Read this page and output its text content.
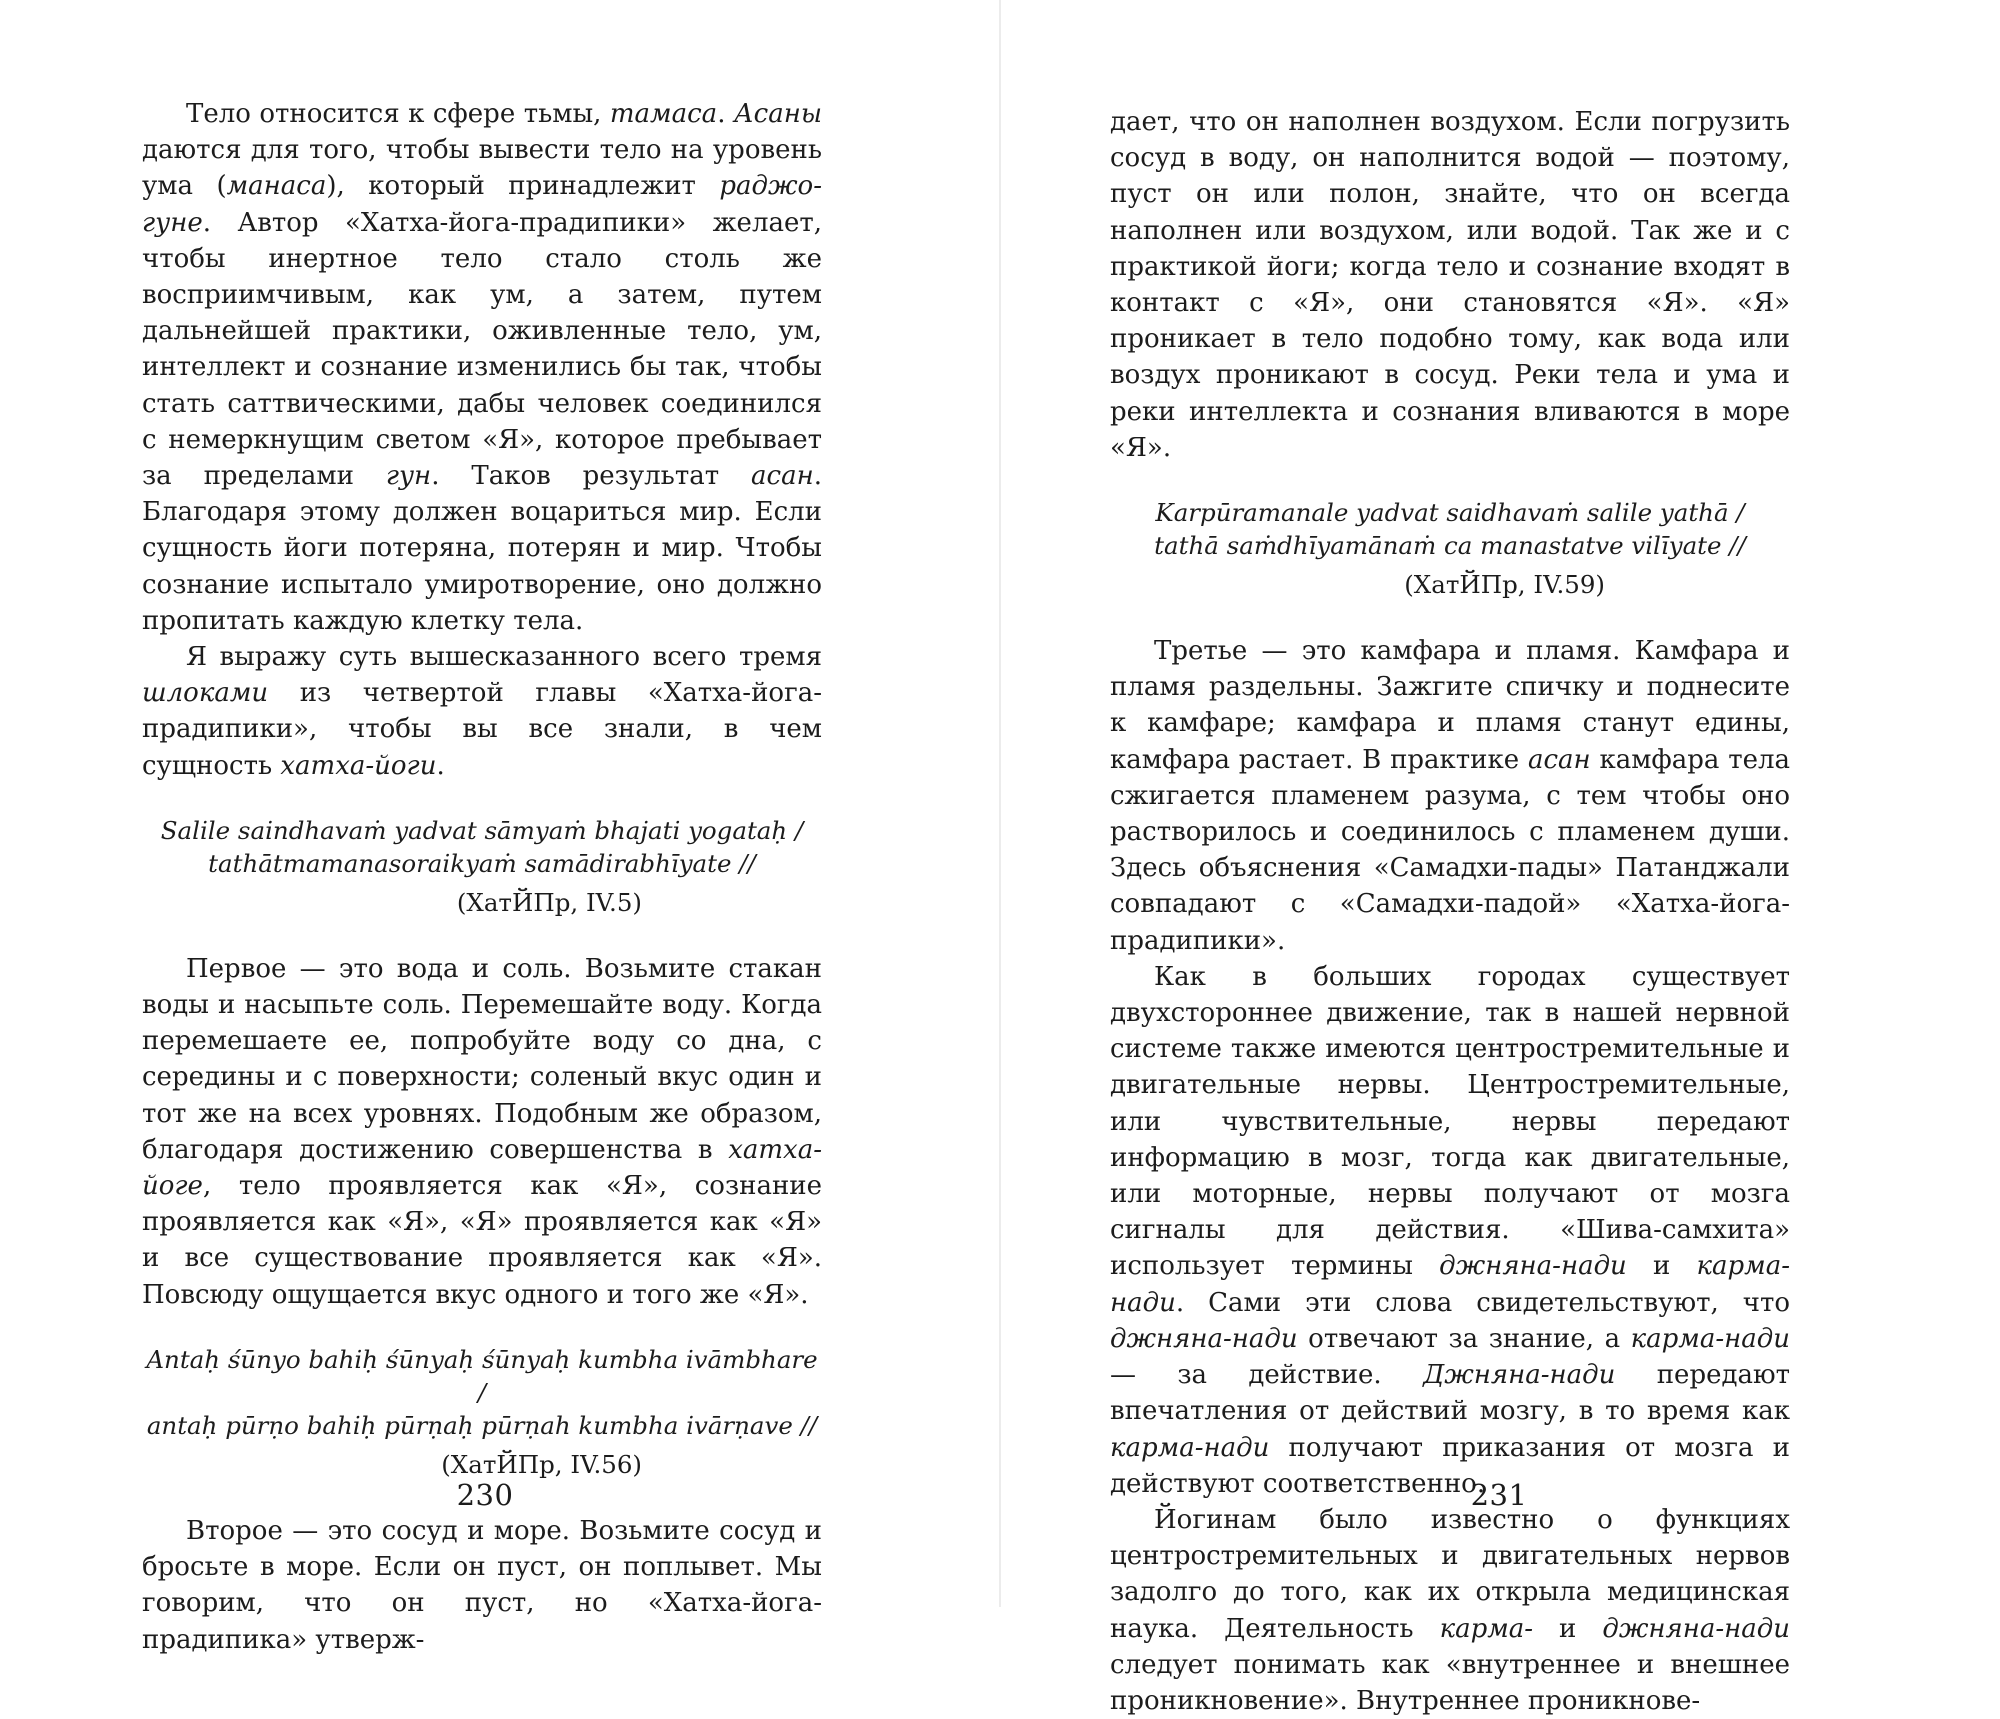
Тело относится к сфере тьмы, тамаса. Асаны даются для того, чтобы вывести тело на уровень ума (манаса), который принадлежит раджо-гуне. Автор «Хатха-йога-прадипики» желает, чтобы инертное тело стало столь же восприимчивым, как ум, а затем, путем дальнейшей практики, оживленные тело, ум, интеллект и сознание изменились бы так, чтобы стать саттвическими, дабы человек соединился с немеркнущим светом «Я», которое пребывает за пределами гун. Таков результат асан. Благодаря этому должен воцариться мир. Если сущность йоги потеряна, потерян и мир. Чтобы сознание испытало умиротворение, оно должно пропитать каждую клетку тела.

Я выражу суть вышесказанного всего тремя шлоками из четвертой главы «Хатха-йога-прадипики», чтобы вы все знали, в чем сущность хатха-йоги.

Salile saindhavaṁ yadvat sāmyaṁ bhajati yogataḥ /
tathātmamanasoraikyaṁ samādirabhīyate //
(ХатЙПр, IV.5)

Первое — это вода и соль. Возьмите стакан воды и насыпьте соль. Перемешайте воду. Когда перемешаете ее, попробуйте воду со дна, с середины и с поверхности; соленый вкус один и тот же на всех уровнях. Подобным же образом, благодаря достижению совершенства в хатха-йоге, тело проявляется как «Я», сознание проявляется как «Я», «Я» проявляется как «Я» и все существование проявляется как «Я». Повсюду ощущается вкус одного и того же «Я».

Antaḥ śūnyo bahiḥ śūnyaḥ śūnyaḥ kumbha ivāmbhare /
antaḥ pūrṇo bahiḥ pūrṇaḥ pūrṇah kumbha ivārṇave //
(ХатЙПр, IV.56)

Второе — это сосуд и море. Возьмите сосуд и бросьте в море. Если он пуст, он поплывет. Мы говорим, что он пуст, но «Хатха-йога-прадипика» утверж-

230

дает, что он наполнен воздухом. Если погрузить сосуд в воду, он наполнится водой — поэтому, пуст он или полон, знайте, что он всегда наполнен или воздухом, или водой. Так же и с практикой йоги; когда тело и сознание входят в контакт с «Я», они становятся «Я». «Я» проникает в тело подобно тому, как вода или воздух проникают в сосуд. Реки тела и ума и реки интеллекта и сознания вливаются в море «Я».

Karpūramanale yadvat saidhavaṁ salile yathā /
tathā saṁdhīyamānaṁ ca manastatve vilīyate //
(ХатЙПр, IV.59)

Третье — это камфара и пламя. Камфара и пламя раздельны. Зажгите спичку и поднесите к камфаре; камфара и пламя станут едины, камфара растает. В практике асан камфара тела сжигается пламенем разума, с тем чтобы оно растворилось и соединилось с пламенем души. Здесь объяснения «Самадхи-пады» Патанджали совпадают с «Самадхи-падой» «Хатха-йога-прадипики».

Как в больших городах существует двухстороннее движение, так в нашей нервной системе также имеются центростремительные и двигательные нервы. Центростремительные, или чувствительные, нервы передают информацию в мозг, тогда как двигательные, или моторные, нервы получают от мозга сигналы для действия. «Шива-самхита» использует термины джняна-нади и карма-нади. Сами эти слова свидетельствуют, что джняна-нади отвечают за знание, а карма-нади — за действие. Джняна-нади передают впечатления от действий мозгу, в то время как карма-нади получают приказания от мозга и действуют соответственно.

Йогинам было известно о функциях центростремительных и двигательных нервов задолго до того, как их открыла медицинская наука. Деятельность карма- и джняна-нади следует понимать как «внутреннее и внешнее проникновение». Внутреннее проникнове-

231
